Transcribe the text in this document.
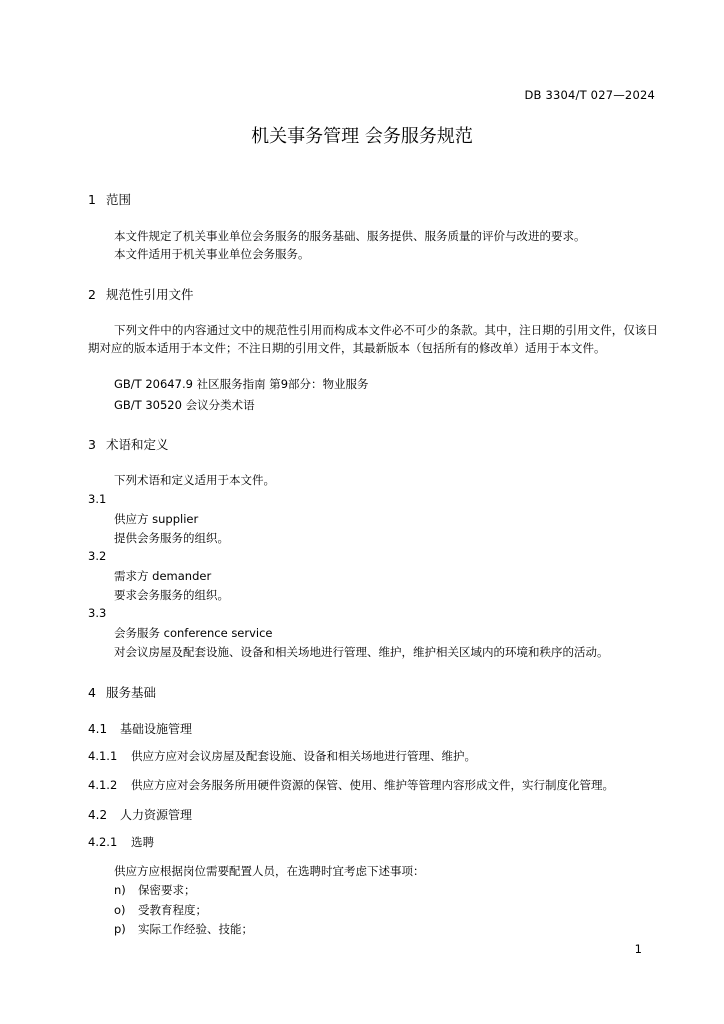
DB 3304/T 027—2024
机关事务管理 会务服务规范
1 范围
本文件规定了机关事业单位会务服务的服务基础、服务提供、服务质量的评价与改进的要求。
本文件适用于机关事业单位会务服务。
2 规范性引用文件
下列文件中的内容通过文中的规范性引用而构成本文件必不可少的条款。其中，注日期的引用文件，仅该日期对应的版本适用于本文件；不注日期的引用文件，其最新版本（包括所有的修改单）适用于本文件。
GB/T 20647.9 社区服务指南 第9部分：物业服务
GB/T 30520 会议分类术语
3 术语和定义
下列术语和定义适用于本文件。
3.1
供应方 supplier
提供会务服务的组织。
3.2
需求方 demander
要求会务服务的组织。
3.3
会务服务 conference service
对会议房屋及配套设施、设备和相关场地进行管理、维护，维护相关区域内的环境和秩序的活动。
4 服务基础
4.1 基础设施管理
4.1.1 供应方应对会议房屋及配套设施、设备和相关场地进行管理、维护。
4.1.2 供应方应对会务服务所用硬件资源的保管、使用、维护等管理内容形成文件，实行制度化管理。
4.2 人力资源管理
4.2.1 选聘
供应方应根据岗位需要配置人员，在选聘时宜考虑下述事项：
n) 保密要求；
o) 受教育程度；
p) 实际工作经验、技能；
1
